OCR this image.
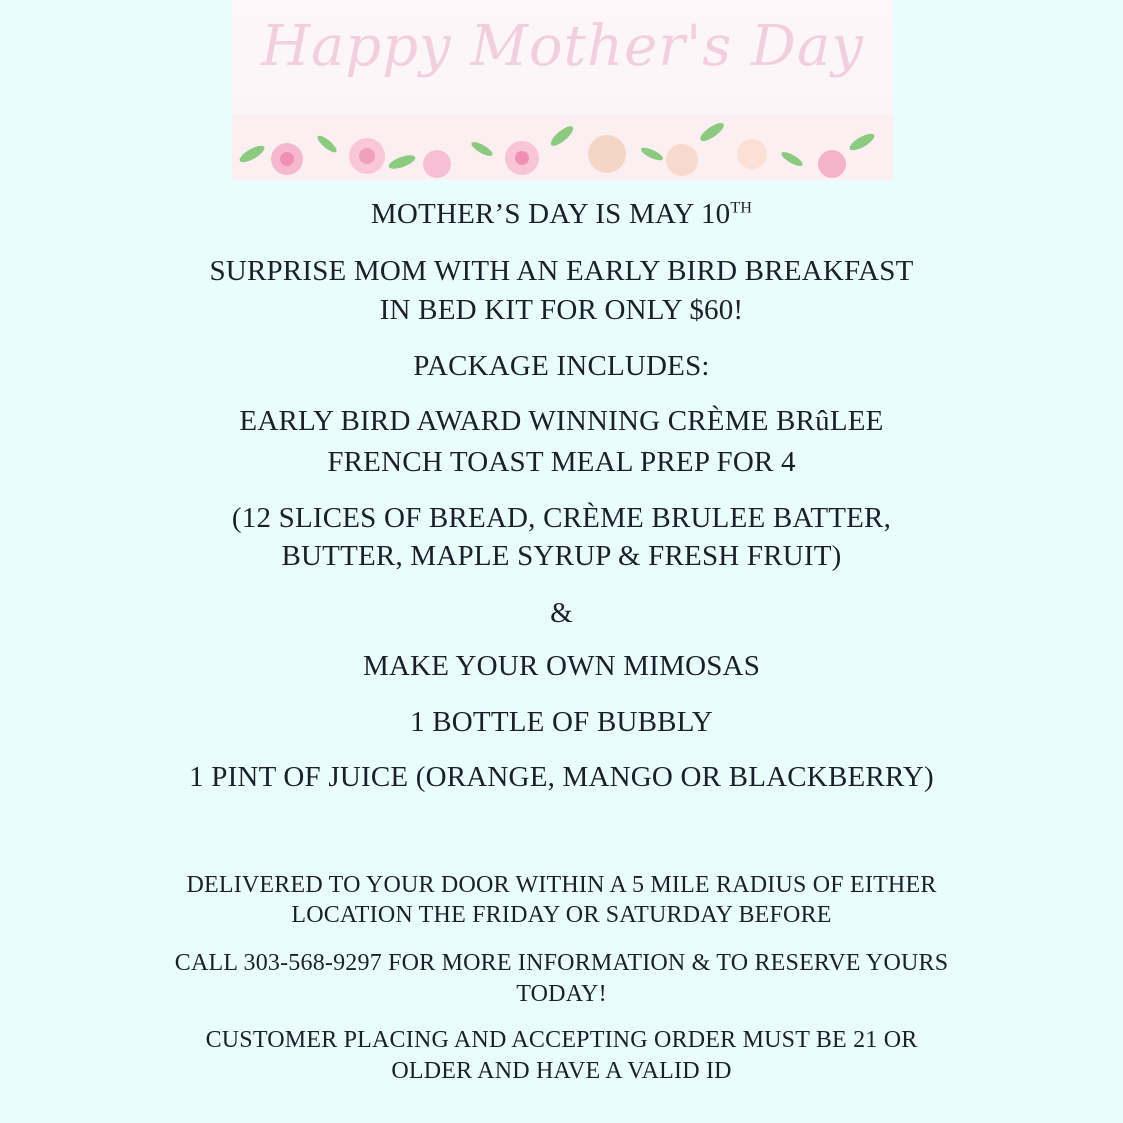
Happy Mother's Day

MOTHER’S DAY IS MAY 10TH

SURPRISE MOM WITH AN EARLY BIRD BREAKFAST

IN BED KIT FOR ONLY $60!

PACKAGE INCLUDES:

EARLY BIRD AWARD WINNING CRÈME BRûLEE

FRENCH TOAST MEAL PREP FOR 4

(12 SLICES OF BREAD, CRÈME BRULEE BATTER,

BUTTER, MAPLE SYRUP & FRESH FRUIT)

&

MAKE YOUR OWN MIMOSAS

1 BOTTLE OF BUBBLY

1 PINT OF JUICE (ORANGE, MANGO OR BLACKBERRY)

DELIVERED TO YOUR DOOR WITHIN A 5 MILE RADIUS OF EITHER

LOCATION THE FRIDAY OR SATURDAY BEFORE

CALL 303-568-9297 FOR MORE INFORMATION & TO RESERVE YOURS

TODAY!

CUSTOMER PLACING AND ACCEPTING ORDER MUST BE 21 OR

OLDER AND HAVE A VALID ID
